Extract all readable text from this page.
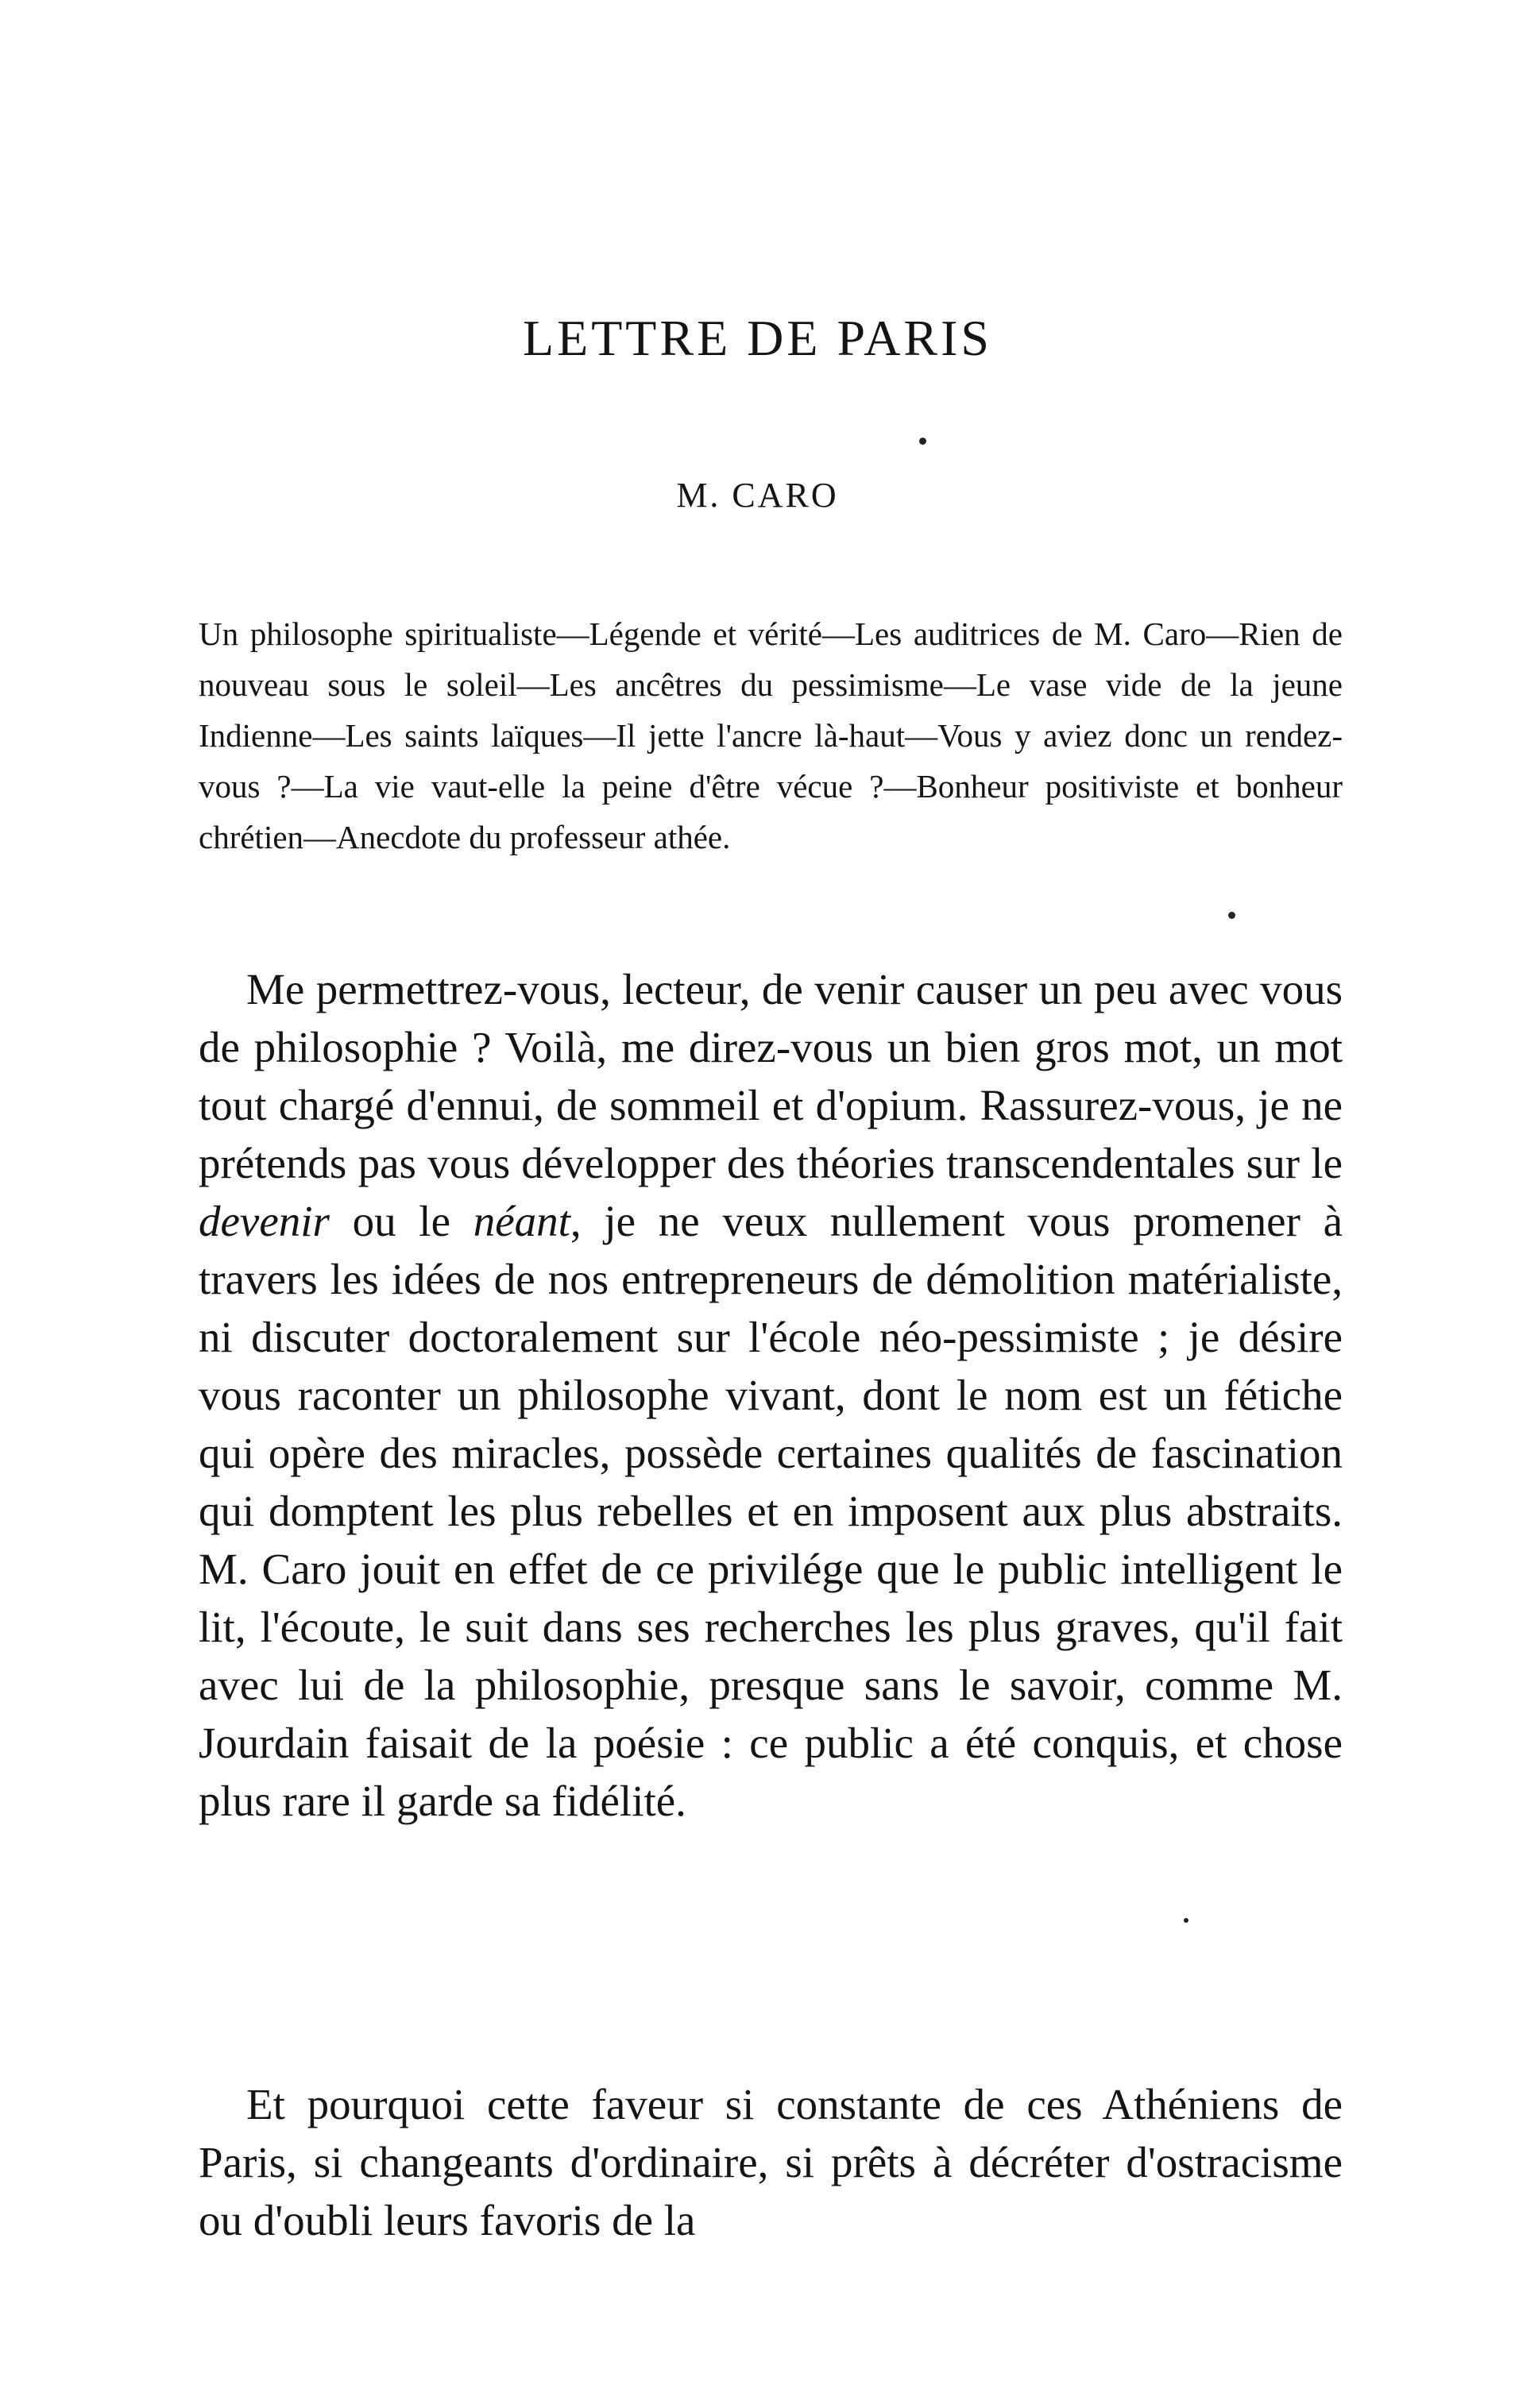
LETTRE DE PARIS
M. CARO

Un philosophe spiritualiste—Légende et vérité—Les auditrices de M. Caro—Rien de nouveau sous le soleil—Les ancêtres du pessimisme—Le vase vide de la jeune Indienne—Les saints laïques—Il jette l'ancre là-haut—Vous y aviez donc un rendez-vous ?—La vie vaut-elle la peine d'être vécue ?—Bonheur positiviste et bonheur chrétien—Anecdote du professeur athée.

Me permettrez-vous, lecteur, de venir causer un peu avec vous de philosophie ? Voilà, me direz-vous un bien gros mot, un mot tout chargé d'ennui, de sommeil et d'opium. Rassurez-vous, je ne prétends pas vous développer des théories transcendentales sur le devenir ou le néant, je ne veux nullement vous promener à travers les idées de nos entrepreneurs de démolition matérialiste, ni discuter doctoralement sur l'école néo-pessimiste ; je désire vous raconter un philosophe vivant, dont le nom est un fétiche qui opère des miracles, possède certaines qualités de fascination qui domptent les plus rebelles et en imposent aux plus abstraits. M. Caro jouit en effet de ce privilége que le public intelligent le lit, l'écoute, le suit dans ses recherches les plus graves, qu'il fait avec lui de la philosophie, presque sans le savoir, comme M. Jourdain faisait de la poésie : ce public a été conquis, et chose plus rare il garde sa fidélité.

Et pourquoi cette faveur si constante de ces Athéniens de Paris, si changeants d'ordinaire, si prêts à décréter d'ostracisme ou d'oubli leurs favoris de la
